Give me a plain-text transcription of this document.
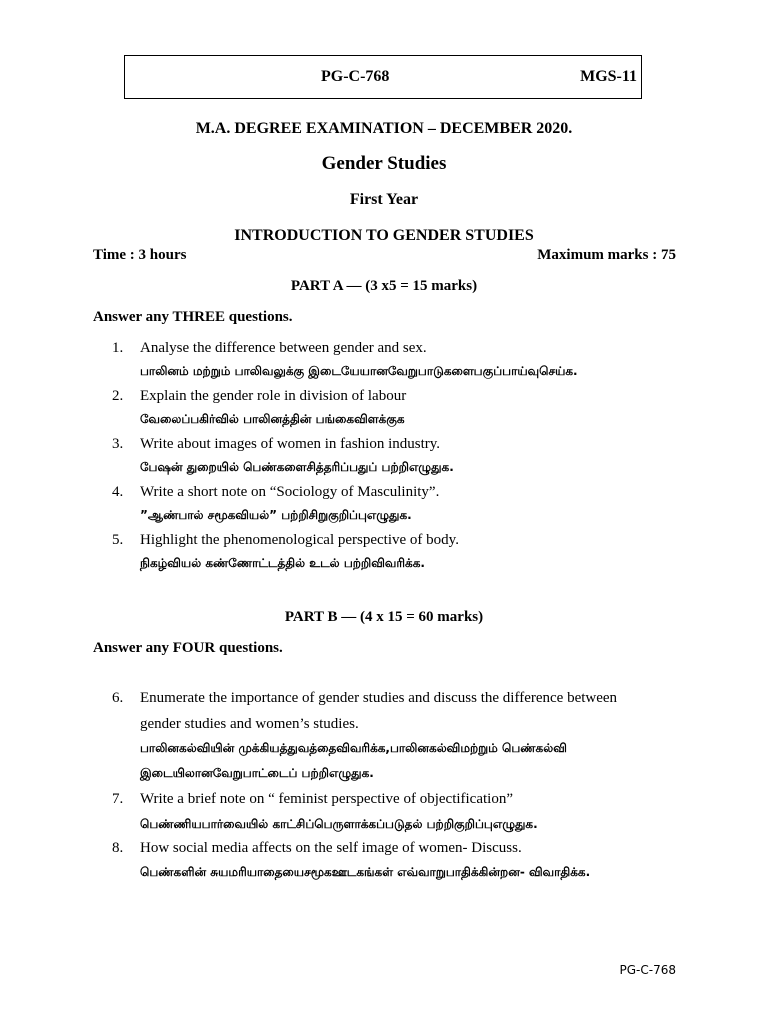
PG-C-768	MGS-11
M.A. DEGREE EXAMINATION – DECEMBER 2020.
Gender Studies
First Year
INTRODUCTION TO GENDER STUDIES
Time : 3 hours	Maximum marks : 75
PART A — (3 x5 = 15 marks)
Answer any THREE questions.
1. Analyse the difference between gender and sex.
பாலினம் மற்றும் பாலிவலுக்கு இடையேயானவேறுபாடுகளைபகுப்பாய்வுசெய்க.
2. Explain the gender role in division of labour
வேலைப்பகிர்வில் பாலினத்தின் பங்கைவிளக்குக
3. Write about images of women in fashion industry.
பேஷன் துறையில் பெண்களைசித்தரிப்பதுப் பற்றிஎழுதுக.
4. Write a short note on “Sociology of Masculinity”.
”ஆண்பால் சமூகவியல்” பற்றிசிறுகுறிப்புஎழுதுக.
5. Highlight the phenomenological perspective of body.
நிகழ்வியல் கண்ணோட்டத்தில் உடல் பற்றிவிவரிக்க.
PART B — (4 x 15 = 60 marks)
Answer any FOUR questions.
6. Enumerate the importance of gender studies and discuss the difference between
gender studies and women’s studies.
பாலினகல்வியின் முக்கியத்துவத்தைவிவரிக்க,பாலினகல்விமற்றும் பெண்கல்வி
இடையிலானவேறுபாட்டைப் பற்றிஎழுதுக.
7. Write a brief note on “ feminist perspective of objectification”
பெண்ணியபார்வையில் காட்சிப்பெருளாக்கப்படுதல் பற்றிகுறிப்புஎழுதுக.
8. How social media affects on the self image of women- Discuss.
பெண்களின் சுயமரியாதையைசமூகஊடகங்கள் எவ்வாறுபாதிக்கின்றன- விவாதிக்க.
PG-C-768
